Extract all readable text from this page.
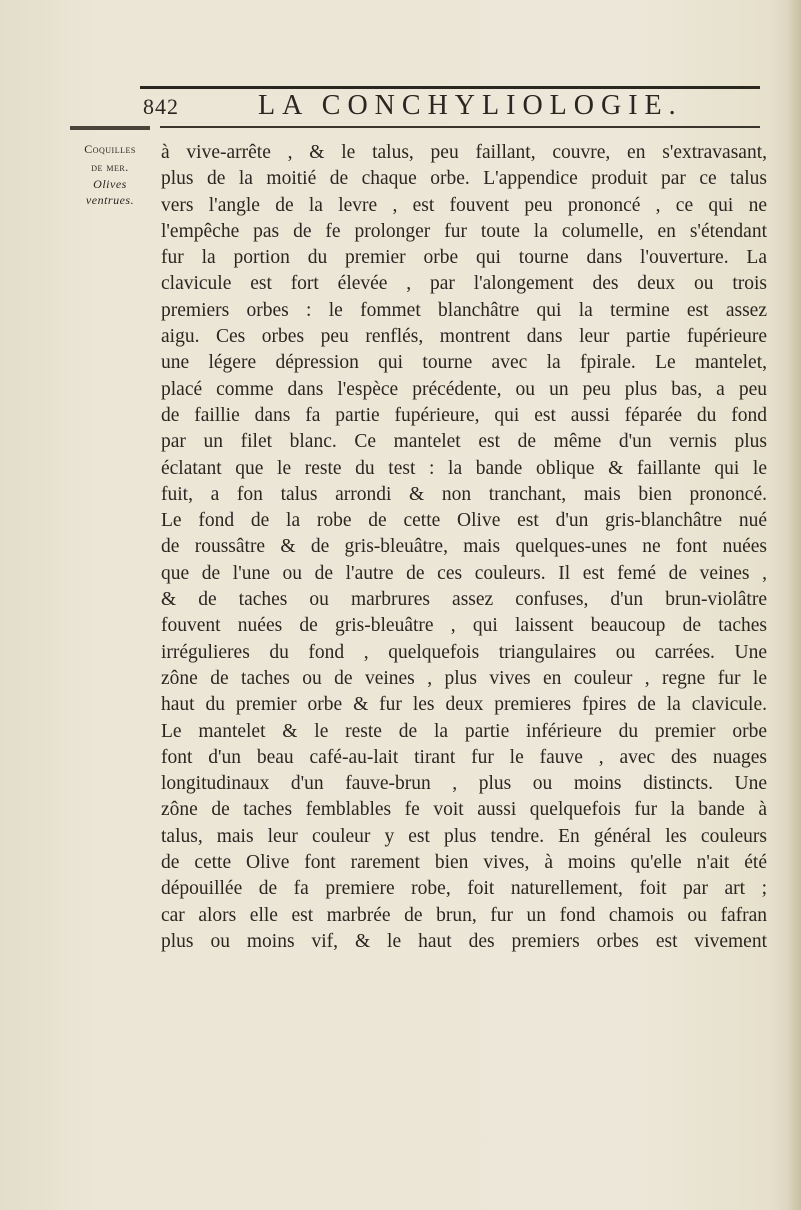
842	LA CONCHYLIOLOGIE.
Coquilles
de mer.
Olives
ventrues.
à vive-arrête , & le talus, peu faillant, couvre, en s'extravasant,
plus de la moitié de chaque orbe. L'appendice produit par ce talus
vers l'angle de la levre , est fouvent peu prononcé , ce qui ne
l'empêche pas de fe prolonger fur toute la columelle, en s'étendant
fur la portion du premier orbe qui tourne dans l'ouverture. La
clavicule est fort élevée , par l'alongement des deux ou trois
premiers orbes : le fommet blanchâtre qui la termine est assez
aigu. Ces orbes peu renflés, montrent dans leur partie fupérieure
une légere dépression qui tourne avec la fpirale. Le mantelet,
placé comme dans l'espèce précédente, ou un peu plus bas, a peu
de faillie dans fa partie fupérieure, qui est aussi féparée du fond
par un filet blanc. Ce mantelet est de même d'un vernis plus
éclatant que le reste du test : la bande oblique & faillante qui le
fuit, a fon talus arrondi & non tranchant, mais bien prononcé.
Le fond de la robe de cette Olive est d'un gris-blanchâtre nué
de roussâtre & de gris-bleuâtre, mais quelques-unes ne font nuées
que de l'une ou de l'autre de ces couleurs. Il est femé de veines ,
& de taches ou marbrures assez confuses, d'un brun-violâtre
fouvent nuées de gris-bleuâtre , qui laissent beaucoup de taches
irrégulieres du fond , quelquefois triangulaires ou carrées. Une
zône de taches ou de veines , plus vives en couleur , regne fur le
haut du premier orbe & fur les deux premieres fpires de la clavicule.
Le mantelet & le reste de la partie inférieure du premier orbe
font d'un beau café-au-lait tirant fur le fauve , avec des nuages
longitudinaux d'un fauve-brun , plus ou moins distincts. Une
zône de taches femblables fe voit aussi quelquefois fur la bande à
talus, mais leur couleur y est plus tendre. En général les couleurs
de cette Olive font rarement bien vives, à moins qu'elle n'ait été
dépouillée de fa premiere robe, foit naturellement, foit par art ;
car alors elle est marbrée de brun, fur un fond chamois ou fafran
plus ou moins vif, & le haut des premiers orbes est vivement
